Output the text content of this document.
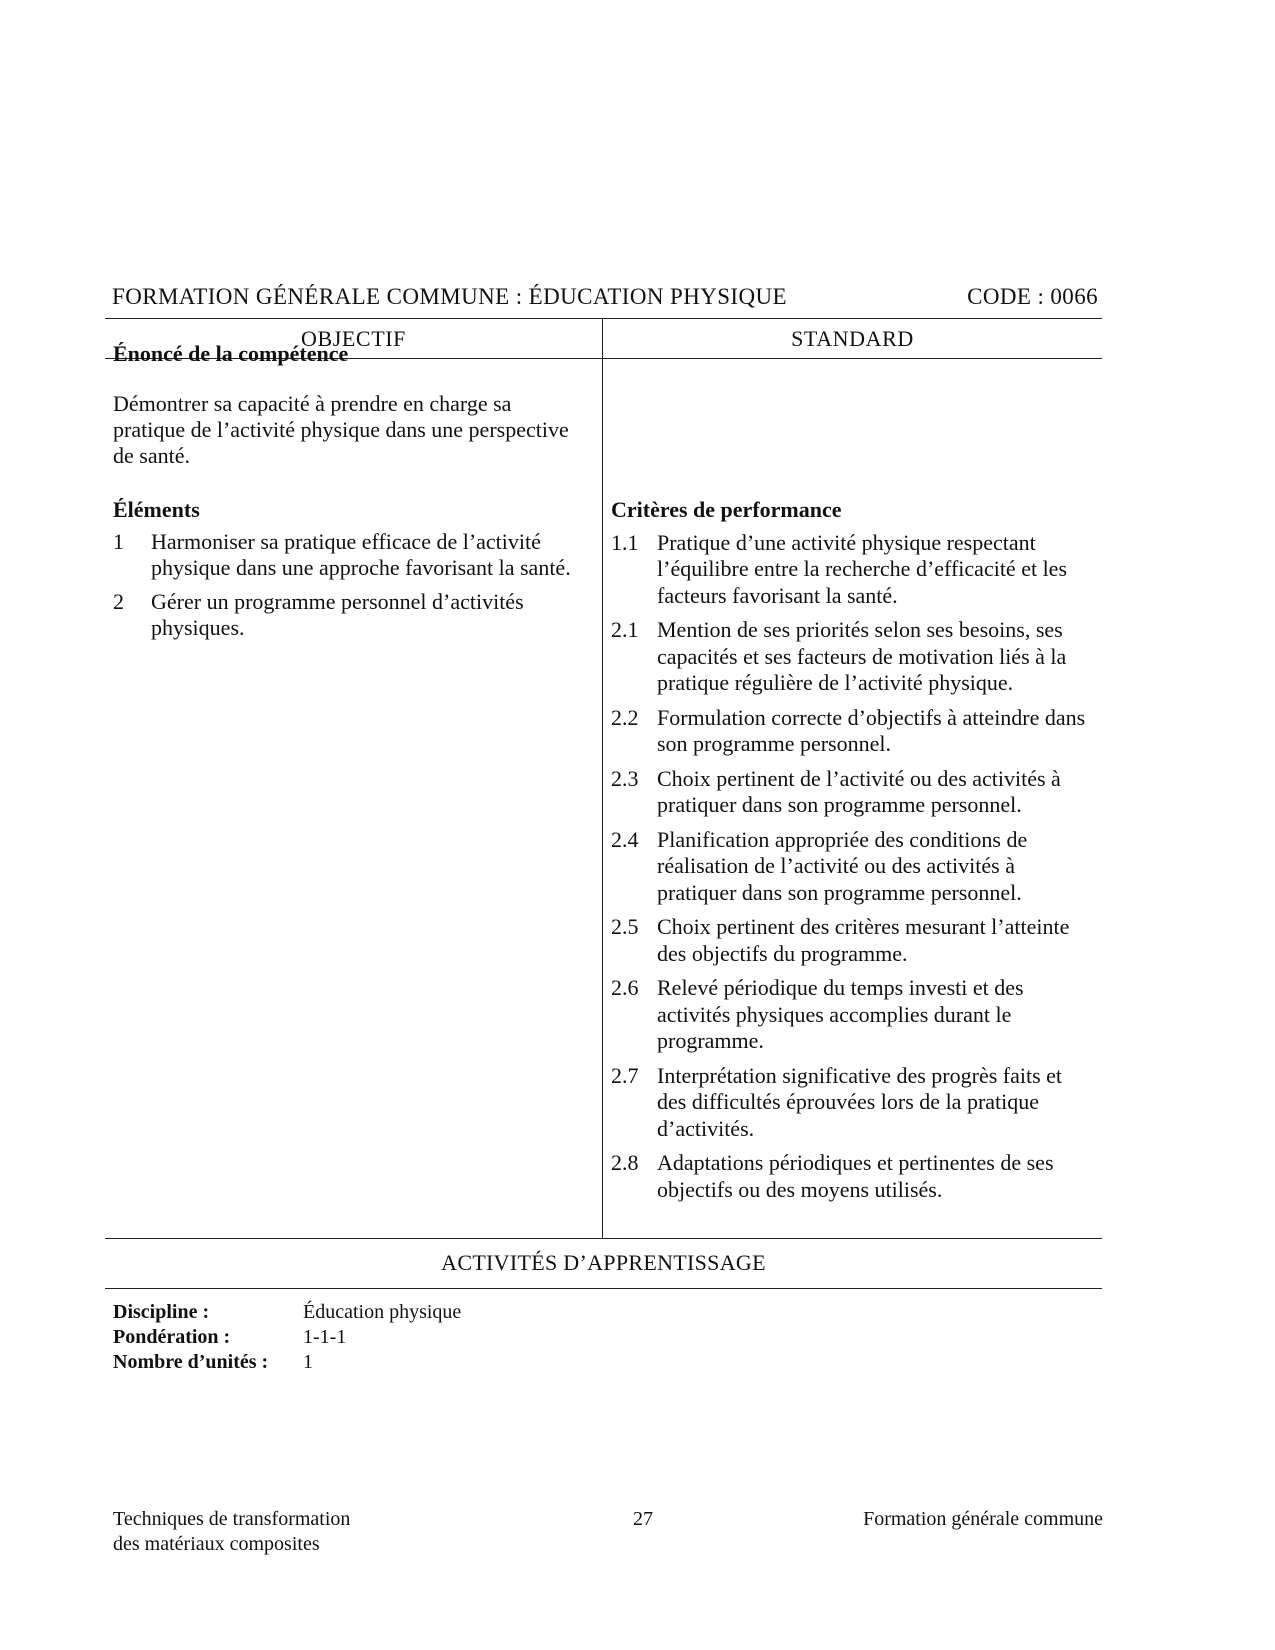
FORMATION GÉNÉRALE COMMUNE : ÉDUCATION PHYSIQUE	CODE : 0066
OBJECTIF	STANDARD
Énoncé de la compétence

Démontrer sa capacité à prendre en charge sa pratique de l’activité physique dans une perspective de santé.

Éléments
1	Harmoniser sa pratique efficace de l’activité physique dans une approche favorisant la santé.
2	Gérer un programme personnel d’activités physiques.
Critères de performance
1.1 Pratique d’une activité physique respectant l’équilibre entre la recherche d’efficacité et les facteurs favorisant la santé.
2.1 Mention de ses priorités selon ses besoins, ses capacités et ses facteurs de motivation liés à la pratique régulière de l’activité physique.
2.2 Formulation correcte d’objectifs à atteindre dans son programme personnel.
2.3 Choix pertinent de l’activité ou des activités à pratiquer dans son programme personnel.
2.4 Planification appropriée des conditions de réalisation de l’activité ou des activités à pratiquer dans son programme personnel.
2.5 Choix pertinent des critères mesurant l’atteinte des objectifs du programme.
2.6 Relevé périodique du temps investi et des activités physiques accomplies durant le programme.
2.7 Interprétation significative des progrès faits et des difficultés éprouvées lors de la pratique d’activités.
2.8 Adaptations périodiques et pertinentes de ses objectifs ou des moyens utilisés.
ACTIVITÉS D’APPRENTISSAGE
Discipline :	Éducation physique
Pondération :	1-1-1
Nombre d’unités :	1
Techniques de transformation
des matériaux composites
27	Formation générale commune
